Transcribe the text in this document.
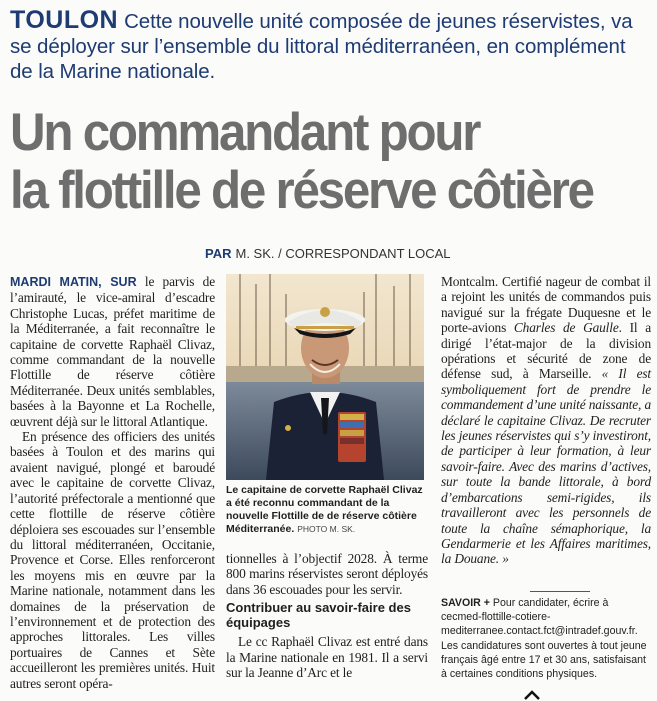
TOULON Cette nouvelle unité composée de jeunes réservistes, va se déployer sur l’ensemble du littoral méditerranéen, en complément de la Marine nationale.
Un commandant pour
la flottille de réserve côtière
PAR M. SK. / CORRESPONDANT LOCAL

MARDI MATIN, SUR le parvis de l’amirauté, le vice-amiral d’escadre Christophe Lucas, préfet maritime de la Méditerranée, a fait reconnaître le capitaine de corvette Raphaël Clivaz, comme commandant de la nouvelle Flottille de réserve côtière Méditerranée. Deux unités semblables, basées à la Bayonne et La Rochelle, œuvrent déjà sur le littoral Atlantique.

En présence des officiers des unités basées à Toulon et des marins qui avaient navigué, plongé et baroudé avec le capitaine de corvette Clivaz, l’autorité préfectorale a mentionné que cette flottille de réserve côtière déploiera ses escouades sur l’ensemble du littoral méditerranéen, Occitanie, Provence et Corse. Elles renforceront les moyens mis en œuvre par la Marine nationale, notamment dans les domaines de la préservation de l’environnement et de protection des approches littorales. Les villes portuaires de Cannes et Sète accueilleront les premières unités. Huit autres seront opéra-

Le capitaine de corvette Raphaël Clivaz a été reconnu commandant de la nouvelle Flottille de de réserve côtière Méditerranée. PHOTO M. SK.

tionnelles à l’objectif 2028. À terme 800 marins réservistes seront déployés dans 36 escouades pour les servir.

Contribuer au savoir-faire des équipages

Le cc Raphaël Clivaz est entré dans la Marine nationale en 1981. Il a servi sur la Jeanne d’Arc et le

Montcalm. Certifié nageur de combat il a rejoint les unités de commandos puis navigué sur la frégate Duquesne et le porte-avions Charles de Gaulle. Il a dirigé l’état-major de la division opérations et sécurité de zone de défense sud, à Marseille. « Il est symboliquement fort de prendre le commandement d’une unité naissante, a déclaré le capitaine Clivaz. De recruter les jeunes réservistes qui s’y investiront, de participer à leur formation, à leur savoir-faire. Avec des marins d’actives, sur toute la bande littorale, à bord d’embarcations semi-rigides, ils travailleront avec les personnels de toute la chaîne sémaphorique, la Gendarmerie et les Affaires maritimes, la Douane. »

SAVOIR + Pour candidater, écrire à cecmed-flottille-cotiere-mediterranee.contact.fct@intradef.gouv.fr. Les candidatures sont ouvertes à tout jeune français âgé entre 17 et 30 ans, satisfaisant à certaines conditions physiques.
